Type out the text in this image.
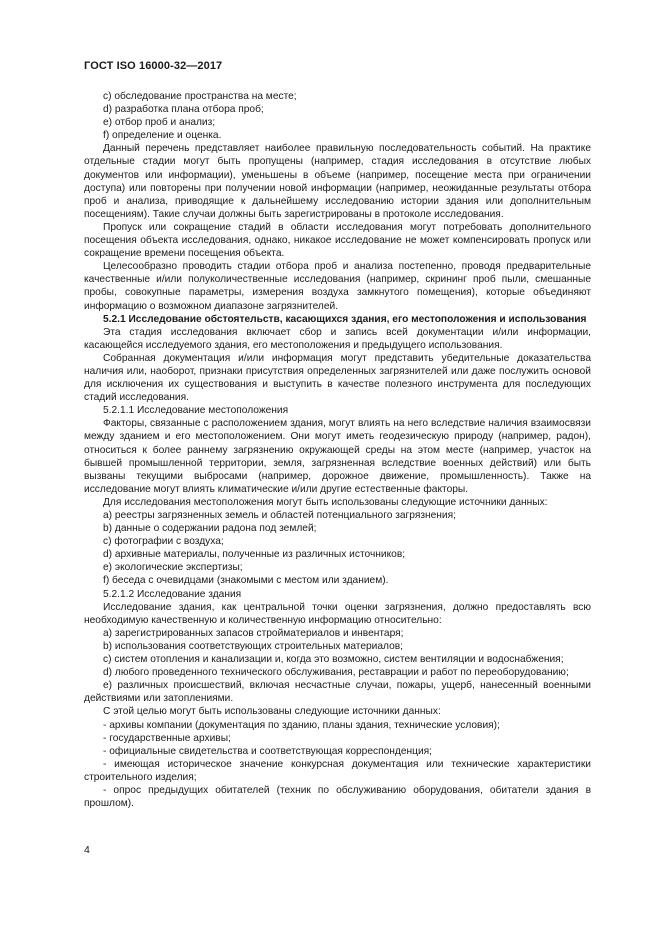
ГОСТ ISO 16000-32—2017
c) обследование пространства на месте;
d) разработка плана отбора проб;
e) отбор проб и анализ;
f) определение и оценка.

Данный перечень представляет наиболее правильную последовательность событий. На практике отдельные стадии могут быть пропущены (например, стадия исследования в отсутствие любых документов или информации), уменьшены в объеме (например, посещение места при ограничении доступа) или повторены при получении новой информации (например, неожиданные результаты отбора проб и анализа, приводящие к дальнейшему исследованию истории здания или дополнительным посещениям). Такие случаи должны быть зарегистрированы в протоколе исследования.

Пропуск или сокращение стадий в области исследования могут потребовать дополнительного посещения объекта исследования, однако, никакое исследование не может компенсировать пропуск или сокращение времени посещения объекта.

Целесообразно проводить стадии отбора проб и анализа постепенно, проводя предварительные качественные и/или полуколичественные исследования (например, скрининг проб пыли, смешанные пробы, совокупные параметры, измерения воздуха замкнутого помещения), которые объединяют информацию о возможном диапазоне загрязнителей.

5.2.1 Исследование обстоятельств, касающихся здания, его местоположения и использования

Эта стадия исследования включает сбор и запись всей документации и/или информации, касающейся исследуемого здания, его местоположения и предыдущего использования.

Собранная документация и/или информация могут представить убедительные доказательства наличия или, наоборот, признаки присутствия определенных загрязнителей или даже послужить основой для исключения их существования и выступить в качестве полезного инструмента для последующих стадий исследования.

5.2.1.1 Исследование местоположения

Факторы, связанные с расположением здания, могут влиять на него вследствие наличия взаимосвязи между зданием и его местоположением. Они могут иметь геодезическую природу (например, радон), относиться к более раннему загрязнению окружающей среды на этом месте (например, участок на бывшей промышленной территории, земля, загрязненная вследствие военных действий) или быть вызваны текущими выбросами (например, дорожное движение, промышленность). Также на исследование могут влиять климатические и/или другие естественные факторы.

Для исследования местоположения могут быть использованы следующие источники данных:

a) реестры загрязненных земель и областей потенциального загрязнения;
b) данные о содержании радона под землей;
c) фотографии с воздуха;
d) архивные материалы, полученные из различных источников;
e) экологические экспертизы;
f) беседа с очевидцами (знакомыми с местом или зданием).
5.2.1.2 Исследование здания

Исследование здания, как центральной точки оценки загрязнения, должно предоставлять всю необходимую качественную и количественную информацию относительно:

a) зарегистрированных запасов стройматериалов и инвентаря;
b) использования соответствующих строительных материалов;
c) систем отопления и канализации и, когда это возможно, систем вентиляции и водоснабжения;
d) любого проведенного технического обслуживания, реставрации и работ по переоборудованию;

e) различных происшествий, включая несчастные случаи, пожары, ущерб, нанесенный военными действиями или затоплениями.

С этой целью могут быть использованы следующие источники данных:

- архивы компании (документация по зданию, планы здания, технические условия);
- государственные архивы;
- официальные свидетельства и соответствующая корреспонденция;

- имеющая историческое значение конкурсная документация или технические характеристики строительного изделия;

- опрос предыдущих обитателей (техник по обслуживанию оборудования, обитатели здания в прошлом).

4
